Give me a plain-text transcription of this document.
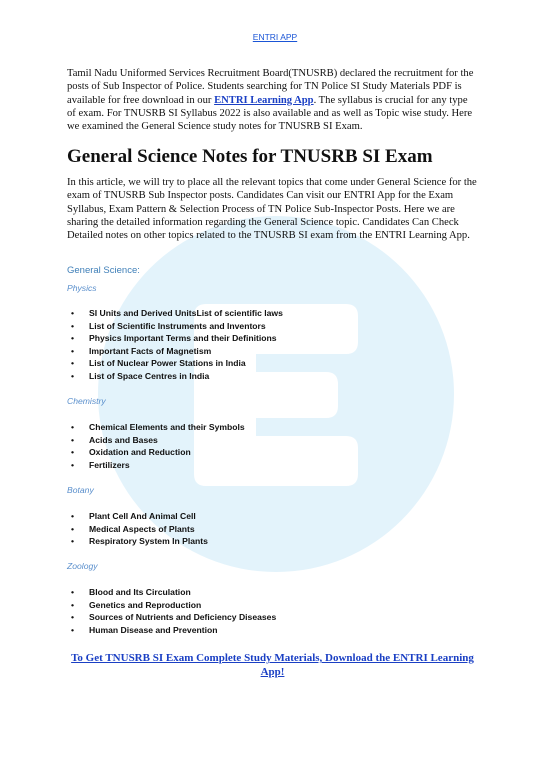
ENTRI APP

Tamil Nadu Uniformed Services Recruitment Board(TNUSRB) declared the recruitment for the posts of Sub Inspector of Police. Students searching for TN Police SI Study Materials PDF is available for free download in our ENTRI Learning App. The syllabus is crucial for any type of exam. For TNUSRB SI Syllabus 2022 is also available and as well as Topic wise study. Here we examined the General Science study notes for TNUSRB SI Exam.

General Science Notes for TNUSRB SI Exam

In this article, we will try to place all the relevant topics that come under General Science for the exam of TNUSRB Sub Inspector posts. Candidates Can visit our ENTRI App for the Exam Syllabus, Exam Pattern & Selection Process of TN Police Sub-Inspector Posts. Here we are sharing the detailed information regarding the General Science topic. Candidates Can Check Detailed notes on other topics related to the TNUSRB SI exam from the ENTRI Learning App.

General Science:

Physics

• SI Units and Derived UnitsList of scientific laws
• List of Scientific Instruments and Inventors
• Physics Important Terms and their Definitions
• Important Facts of Magnetism
• List of Nuclear Power Stations in India
• List of Space Centres in India

Chemistry

• Chemical Elements and their Symbols
• Acids and Bases
• Oxidation and Reduction
• Fertilizers

Botany

• Plant Cell And Animal Cell
• Medical Aspects of Plants
• Respiratory System In Plants

Zoology

• Blood and Its Circulation
• Genetics and Reproduction
• Sources of Nutrients and Deficiency Diseases
• Human Disease and Prevention

To Get TNUSRB SI Exam Complete Study Materials, Download the ENTRI Learning App!
